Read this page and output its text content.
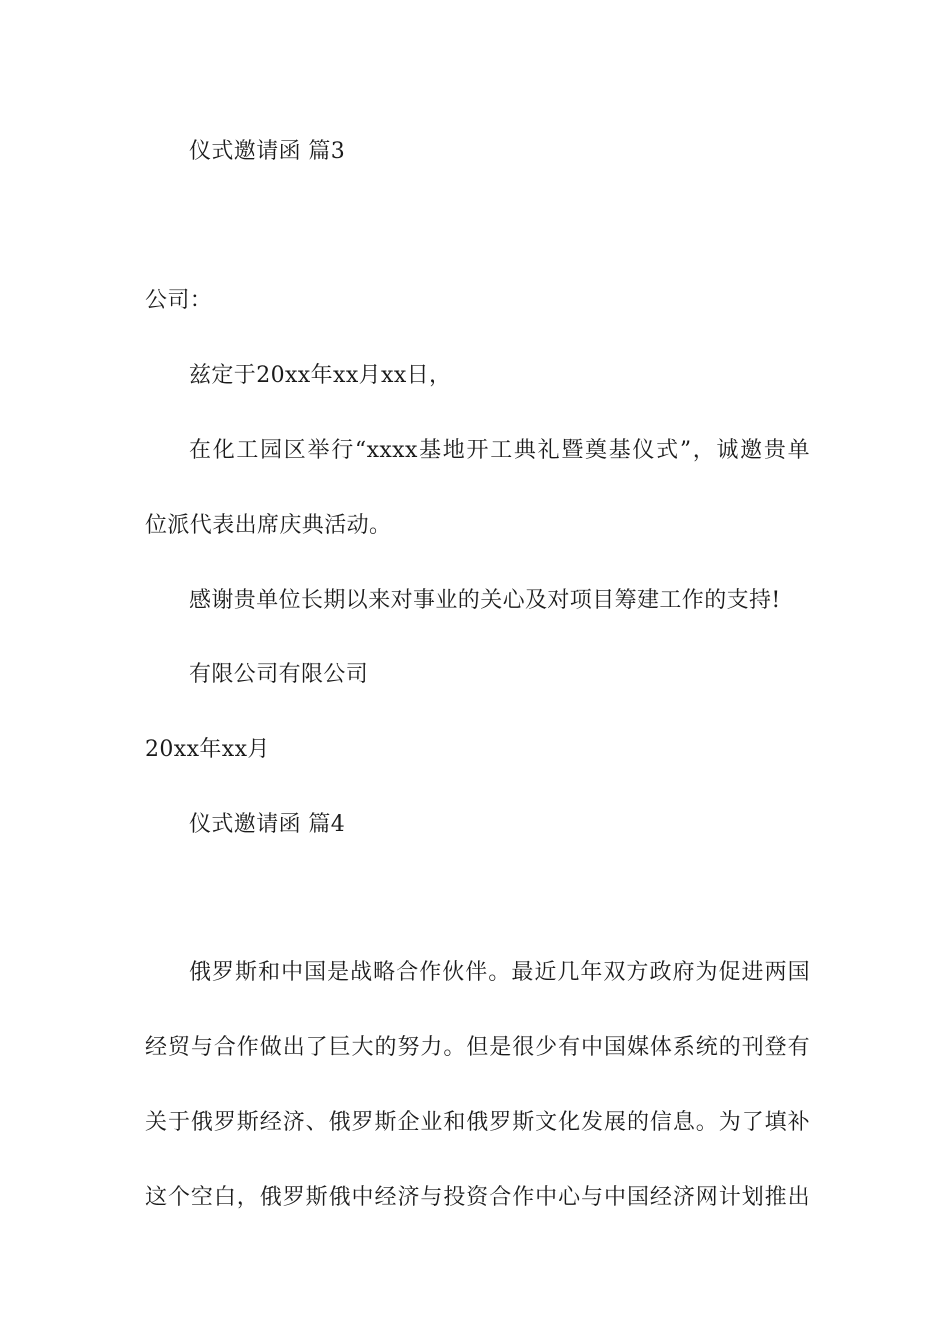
仪式邀请函 篇3
公司：
兹定于20xx年xx月xx日，
在化工园区举行“xxxx基地开工典礼暨奠基仪式”，诚邀贵单
位派代表出席庆典活动。
感谢贵单位长期以来对事业的关心及对项目筹建工作的支持!
有限公司有限公司
20xx年xx月
仪式邀请函 篇4
俄罗斯和中国是战略合作伙伴。最近几年双方政府为促进两国
经贸与合作做出了巨大的努力。但是很少有中国媒体系统的刊登有
关于俄罗斯经济、俄罗斯企业和俄罗斯文化发展的信息。为了填补
这个空白，俄罗斯俄中经济与投资合作中心与中国经济网计划推出
